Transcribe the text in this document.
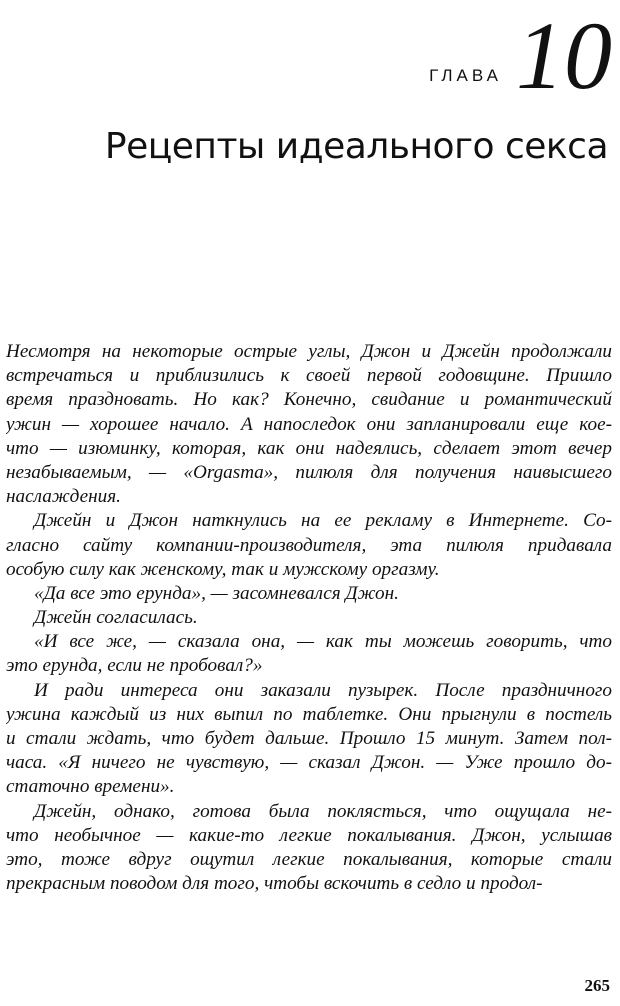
ГЛАВА 10
Рецепты идеального секса
Несмотря на некоторые острые углы, Джон и Джейн продолжали
встречаться и приблизились к своей первой годовщине. Пришло
время праздновать. Но как? Конечно, свидание и романтический
ужин — хорошее начало. А напоследок они запланировали еще кое-
что — изюминку, которая, как они надеялись, сделает этот вечер
незабываемым, — «Orgasma», пилюля для получения наивысшего
наслаждения.
Джейн и Джон наткнулись на ее рекламу в Интернете. Со-
гласно сайту компании-производителя, эта пилюля придавала
особую силу как женскому, так и мужскому оргазму.
«Да все это ерунда», — засомневался Джон.
Джейн согласилась.
«И все же, — сказала она, — как ты можешь говорить, что
это ерунда, если не пробовал?»
И ради интереса они заказали пузырек. После праздничного
ужина каждый из них выпил по таблетке. Они прыгнули в постель
и стали ждать, что будет дальше. Прошло 15 минут. Затем пол-
часа. «Я ничего не чувствую, — сказал Джон. — Уже прошло до-
статочно времени».
Джейн, однако, готова была поклясться, что ощущала не-
что необычное — какие-то легкие покалывания. Джон, услышав
это, тоже вдруг ощутил легкие покалывания, которые стали
прекрасным поводом для того, чтобы вскочить в седло и продол-
265
